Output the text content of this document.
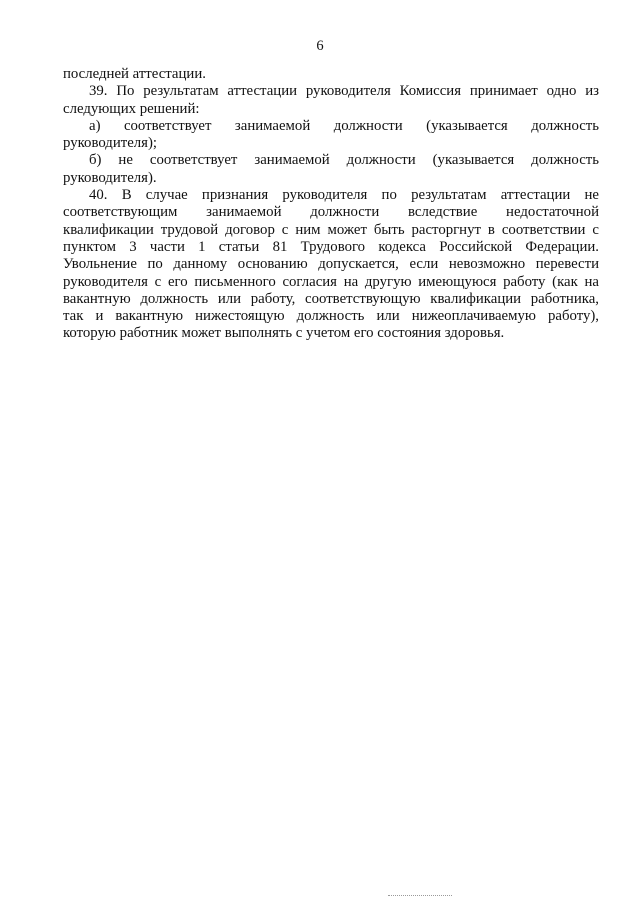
6
последней аттестации.
39. По результатам аттестации руководителя Комиссия принимает одно из
следующих решений:
а) соответствует занимаемой должности (указывается должность
руководителя);
б) не соответствует занимаемой должности (указывается должность
руководителя).
40. В случае признания руководителя по результатам аттестации не
соответствующим занимаемой должности вследствие недостаточной
квалификации трудовой договор с ним может быть расторгнут в соответствии с
пунктом 3 части 1 статьи 81 Трудового кодекса Российской Федерации.
Увольнение по данному основанию допускается, если невозможно перевести
руководителя с его письменного согласия на другую имеющуюся работу (как на
вакантную должность или работу, соответствующую квалификации работника,
так и вакантную нижестоящую должность или нижеоплачиваемую работу),
которую работник может выполнять с учетом его состояния здоровья.
